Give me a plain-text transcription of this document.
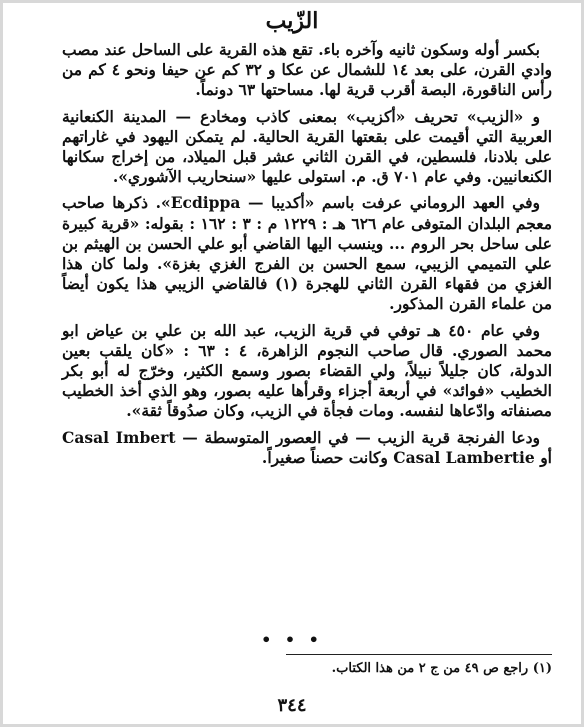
الزّيب

بكسر أوله وسكون ثانيه وآخره باء. تقع هذه القرية على الساحل عند مصب وادي القرن، على بعد ١٤ للشمال عن عكا و ٣٢ كم عن حيفا ونحو ٤ كم من رأس الناقورة، البصة أقرب قرية لها. مساحتها ٦٣ دونماً.

و «الزيب» تحريف «أكزيب» بمعنى كاذب ومخادع — المدينة الكنعانية العربية التي أقيمت على بقعتها القرية الحالية. لم يتمكن اليهود في غاراتهم على بلادنا، فلسطين، في القرن الثاني عشر قبل الميلاد، من إخراج سكانها الكنعانيين. وفي عام ٧٠١ ق. م. استولى عليها «سنحاريب الآشوري».

وفي العهد الروماني عرفت باسم «أكديبا — Ecdippa». ذكرها صاحب معجم البلدان المتوفى عام ٦٢٦ هـ : ١٢٢٩ م : ٣ : ١٦٢ : بقوله: «قرية كبيرة على ساحل بحر الروم ... وينسب اليها القاضي أبو علي الحسن بن الهيثم بن علي التميمي الزيبي، سمع الحسن بن الفرج الغزي بغزة». ولما كان هذا الغزي من فقهاء القرن الثاني للهجرة (١) فالقاضي الزيبي هذا يكون أيضاً من علماء القرن المذكور.

وفي عام ٤٥٠ هـ توفي في قرية الزيب، عبد الله بن علي بن عياض ابو محمد الصوري. قال صاحب النجوم الزاهرة، ٤ : ٦٣ : «كان يلقب بعين الدولة، كان جليلاً نبيلاً، ولي القضاء بصور وسمع الكثير، وخرّج له أبو بكر الخطيب «فوائد» في أربعة أجزاء وقرأها عليه بصور، وهو الذي أخذ الخطيب مصنفاته وادّعاها لنفسه. ومات فجأة في الزيب، وكان صدُوقاً ثقة».

ودعا الفرنجة قرية الزيب — في العصور المتوسطة — Casal Imbert أو Casal Lambertie وكانت حصناً صغيراً.

• • •
(١) راجع ص ٤٩ من ج ٢ من هذا الكتاب.
٣٤٤
